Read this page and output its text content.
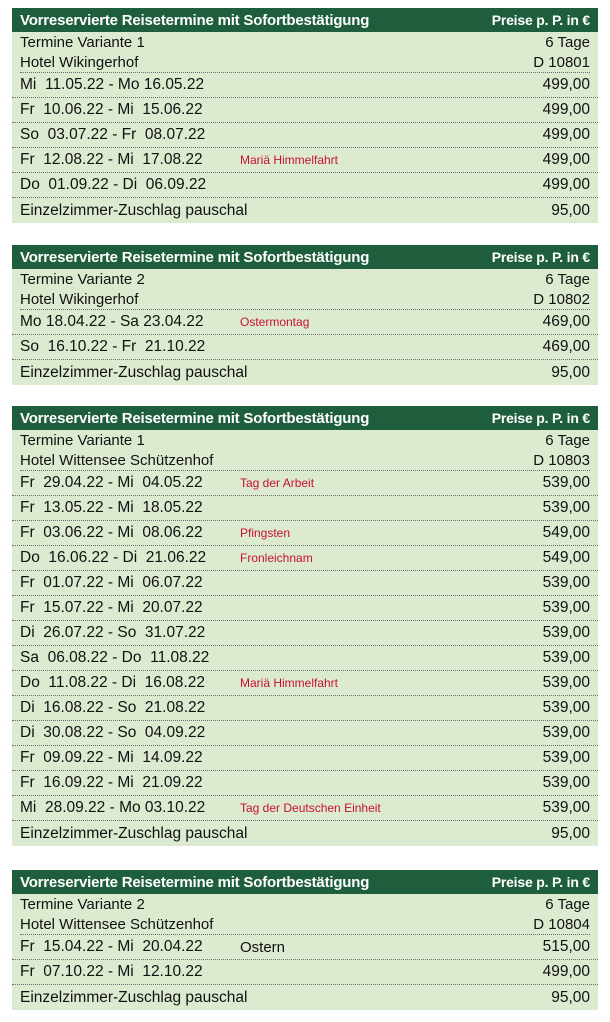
Vorreservierte Reisetermine mit Sofortbestätigung	Preise p. P. in €
Termine Variante 1	6 Tage
Hotel Wikingerhof	D 10801
Mi  11.05.22 - Mo 16.05.22	499,00
Fr  10.06.22 - Mi  15.06.22	499,00
So  03.07.22 - Fr  08.07.22	499,00
Fr  12.08.22 - Mi  17.08.22	Mariä Himmelfahrt	499,00
Do  01.09.22 - Di  06.09.22	499,00
Einzelzimmer-Zuschlag pauschal	95,00
Vorreservierte Reisetermine mit Sofortbestätigung	Preise p. P. in €
Termine Variante 2	6 Tage
Hotel Wikingerhof	D 10802
Mo 18.04.22 - Sa 23.04.22	Ostermontag	469,00
So  16.10.22 - Fr  21.10.22	469,00
Einzelzimmer-Zuschlag pauschal	95,00
Vorreservierte Reisetermine mit Sofortbestätigung	Preise p. P. in €
Termine Variante 1	6 Tage
Hotel Wittensee Schützenhof	D 10803
Fr  29.04.22 - Mi  04.05.22	Tag der Arbeit	539,00
Fr  13.05.22 - Mi  18.05.22	539,00
Fr  03.06.22 - Mi  08.06.22	Pfingsten	549,00
Do  16.06.22 - Di  21.06.22	Fronleichnam	549,00
Fr  01.07.22 - Mi  06.07.22	539,00
Fr  15.07.22 - Mi  20.07.22	539,00
Di  26.07.22 - So  31.07.22	539,00
Sa  06.08.22 - Do  11.08.22	539,00
Do  11.08.22 - Di  16.08.22	Mariä Himmelfahrt	539,00
Di  16.08.22 - So  21.08.22	539,00
Di  30.08.22 - So  04.09.22	539,00
Fr  09.09.22 - Mi  14.09.22	539,00
Fr  16.09.22 - Mi  21.09.22	539,00
Mi  28.09.22 - Mo 03.10.22	Tag der Deutschen Einheit	539,00
Einzelzimmer-Zuschlag pauschal	95,00
Vorreservierte Reisetermine mit Sofortbestätigung	Preise p. P. in €
Termine Variante 2	6 Tage
Hotel Wittensee Schützenhof	D 10804
Fr  15.04.22 - Mi  20.04.22	Ostern	515,00
Fr  07.10.22 - Mi  12.10.22	499,00
Einzelzimmer-Zuschlag pauschal	95,00
